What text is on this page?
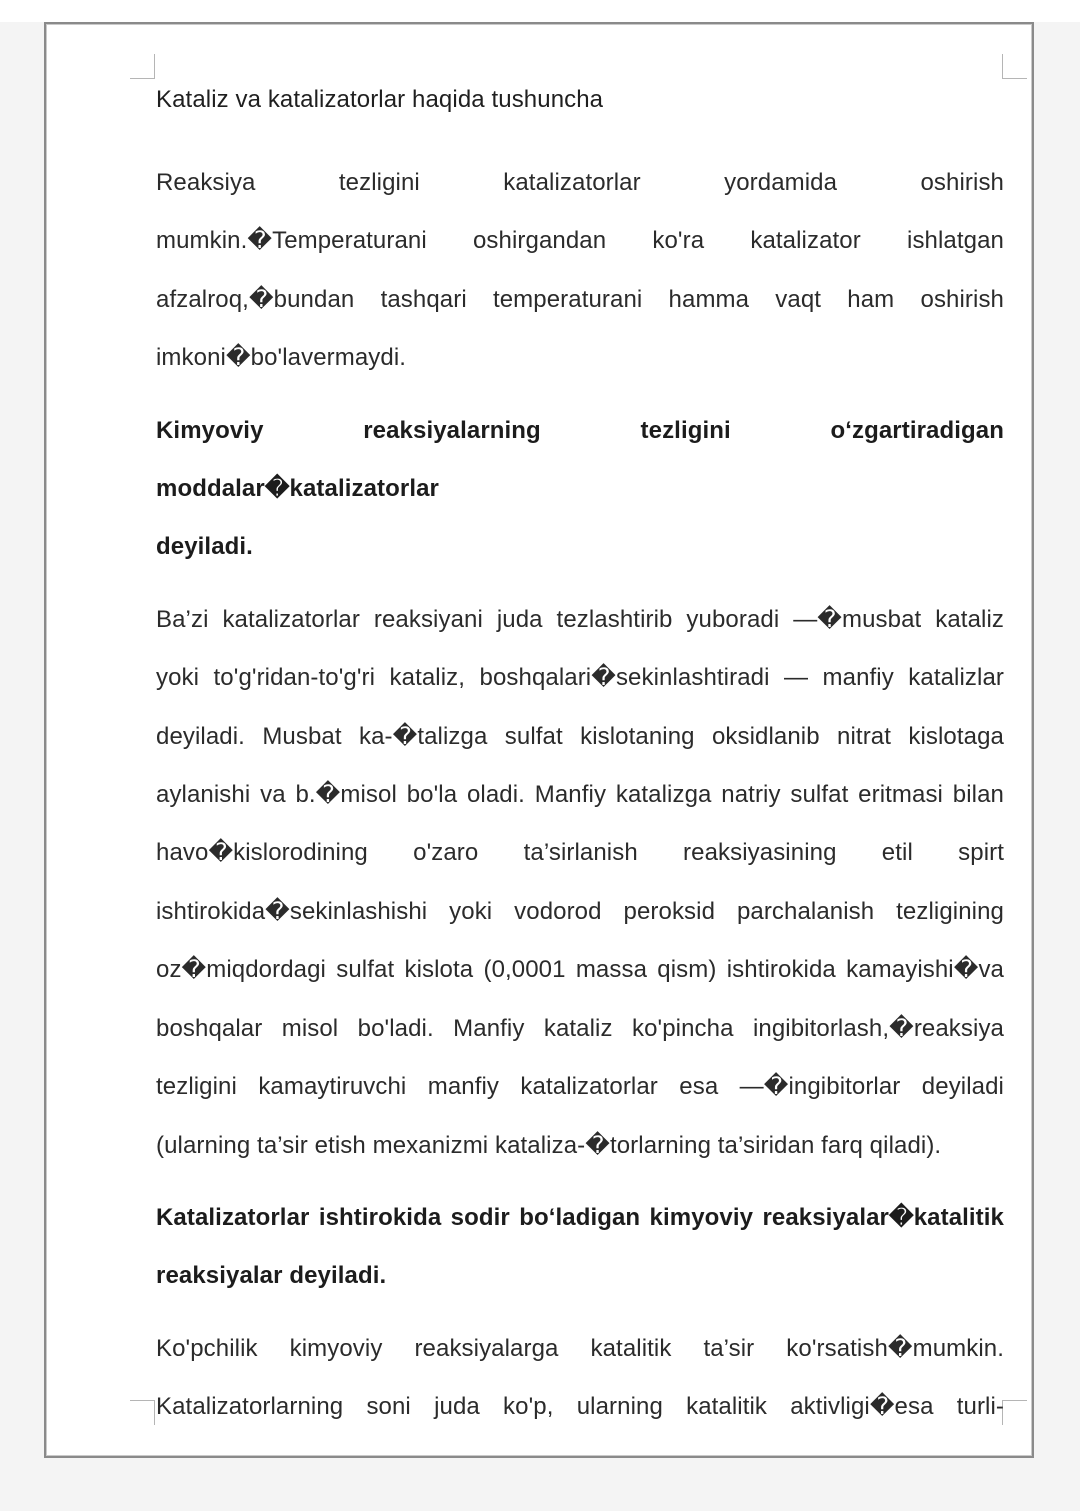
Kataliz va katalizatorlar haqida tushuncha

Reaksiya tezligini katalizatorlar yordamida oshirish
mumkin.�Temperaturani oshirgandan ko'ra katalizator ishlatgan
afzalroq,�bundan tashqari temperaturani hamma vaqt ham oshirish
imkoni�bo'lavermaydi.

Kimyoviy reaksiyalarning tezligini o‘zgartiradigan moddalar�katalizatorlar
deyiladi.

Ba’zi katalizatorlar reaksiyani juda tezlashtirib yuboradi —�musbat kataliz
yoki to'g'ridan-to'g'ri kataliz, boshqalari�sekinlashtiradi — manfiy katalizlar
deyiladi. Musbat ka-�talizga sulfat kislotaning oksidlanib nitrat kislotaga
aylanishi va b.�misol bo'la oladi. Manfiy katalizga natriy sulfat eritmasi bilan
havo�kislorodining o'zaro ta’sirlanish reaksiyasining etil spirt
ishtirokida�sekinlashishi yoki vodorod peroksid parchalanish tezligining
oz�miqdordagi sulfat kislota (0,0001 massa qism) ishtirokida kamayishi�va
boshqalar misol bo'ladi. Manfiy kataliz ko'pincha ingibitorlash,�reaksiya
tezligini kamaytiruvchi manfiy katalizatorlar esa —�ingibitorlar deyiladi
(ularning ta’sir etish mexanizmi kataliza-�torlarning ta’siridan farq qiladi).

Katalizatorlar ishtirokida sodir bo‘ladigan kimyoviy reaksiyalar�katalitik
reaksiyalar deyiladi.

Ko'pchilik kimyoviy reaksiyalarga katalitik ta’sir ko'rsatish�mumkin.
Katalizatorlarning soni juda ko'p, ularning katalitik aktivligi�esa turli-
